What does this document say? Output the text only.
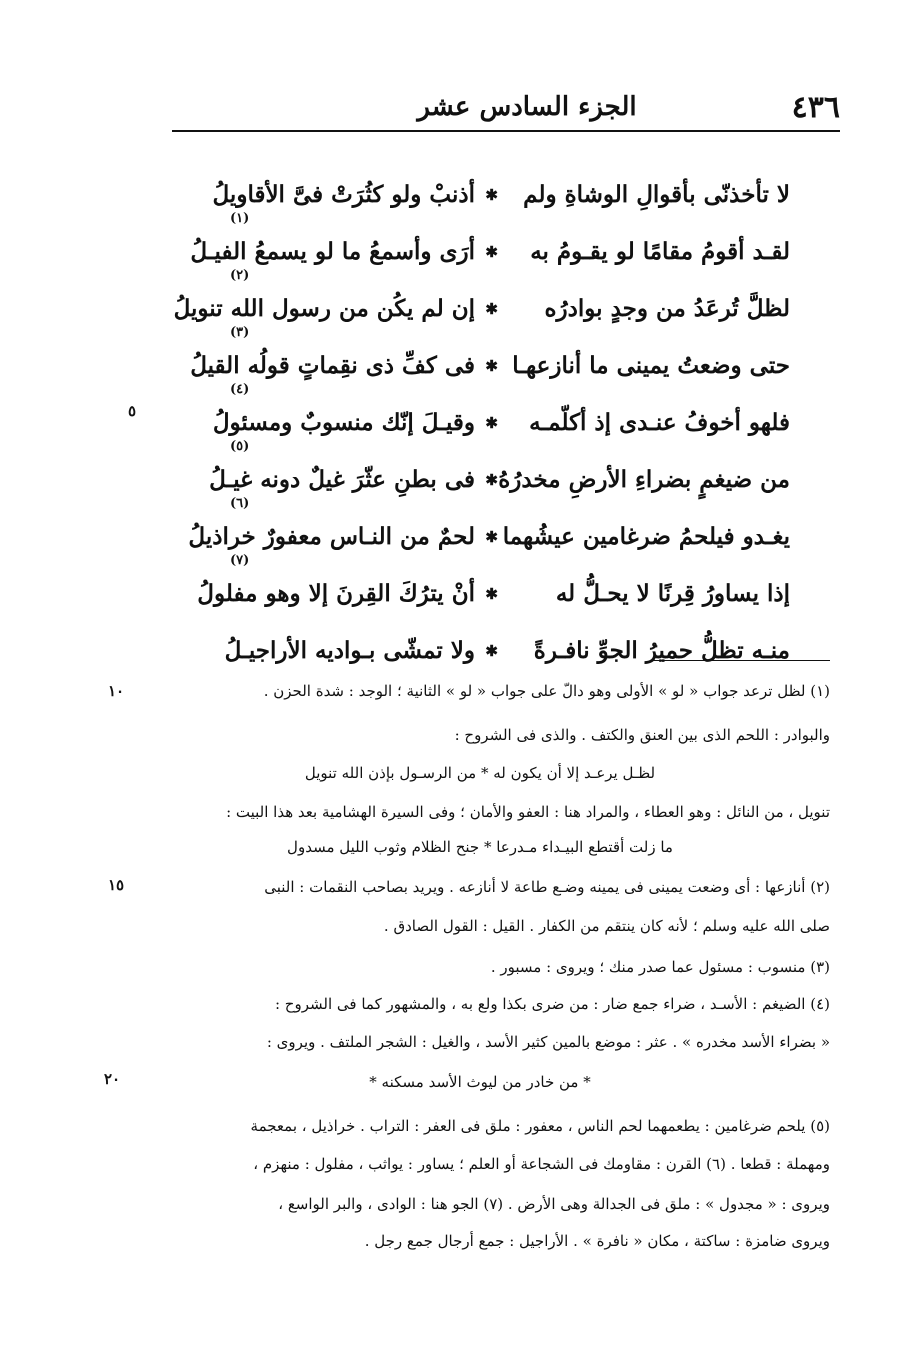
٤٣٦
الجزء السادس عشر
لا تأخذنّى بأقوالِ الوشاةِ ولم
✱
أذنبْ ولو كثُرَتْ فىَّ الأقاويلُ
(١)
لقـد أقومُ مقامًا لو يقـومُ به
✱
أرَى وأسمعُ ما لو يسمعُ الفيـلُ
(٢)
لظلَّ تُرعَدُ من وجدٍ بوادرُه
✱
إن لم يكُن من رسول الله تنويلُ
(٣)
حتى وضعتُ يمينى ما أنازعهـا
✱
فى كفِّ ذى نقِماتٍ قولُه القيلُ
(٤)
فلهو أخوفُ عنـدى إذ أكلّمـه
✱
وقيـلَ إنّك منسوبٌ ومسئولُ
(٥)
من ضيغمٍ بضراءِ الأرضِ مخدرُهُ
✱
فى بطنِ عثّرَ غيلٌ دونه غيـلُ
(٦)
يغـدو فيلحمُ ضرغامين عيشُهما
✱
لحمٌ من النـاس معفورٌ خراذيلُ
(٧)
إذا يساورُ قِرنًا لا يحـلُّ له
✱
أنْ يترُكَ القِرنَ إلا وهو مفلولُ
منـه تظلُّ حميرُ الجوِّ نافـرةً
✱
ولا تمشّى بـواديه الأراجيـلُ
٥
١٠
١٥
٢٠
(١) لظل ترعد جواب « لو » الأولى وهو دالّ على جواب « لو » الثانية ؛ الوجد : شدة الحزن .
والبوادر : اللحم الذى بين العنق والكتف . والذى فى الشروح :
لظـل يرعـد إلا أن يكون له * من الرسـول بإذن الله تنويل
تنويل ، من النائل : وهو العطاء ، والمراد هنا : العفو والأمان ؛ وفى السيرة الهشامية بعد هذا البيت :
ما زلت أقتطع البيـداء مـدرعا * جنح الظلام وثوب الليل مسدول
(٢) أنازعها : أى وضعت يمينى فى يمينه وضـع طاعة لا أنازعه . ويريد بصاحب النقمات : النبى
صلى الله عليه وسلم ؛ لأنه كان ينتقم من الكفار . القيل : القول الصادق .
(٣) منسوب : مسئول عما صدر منك ؛ ويروى : مسبور .
(٤) الضيغم : الأسـد ، ضراء جمع ضار : من ضرى بكذا ولع به ، والمشهور كما فى الشروح :
« بضراء الأسد مخدره » . عثر : موضع بالمين كثير الأسد ، والغيل : الشجر الملتف . ويروى :
* من خادر من ليوث الأسد مسكنه *
(٥) يلحم ضرغامين : يطعمهما لحم الناس ، معفور : ملق فى العفر : التراب . خراذيل ، بمعجمة
ومهملة : قطعا . (٦) القرن : مقاومك فى الشجاعة أو العلم ؛ يساور : يواثب ، مفلول : منهزم ،
ويروى : « مجدول » : ملق فى الجدالة وهى الأرض . (٧) الجو هنا : الوادى ، والبر الواسع ،
ويروى ضامزة : ساكتة ، مكان « نافرة » . الأراجيل : جمع أرجال جمع رجل .
